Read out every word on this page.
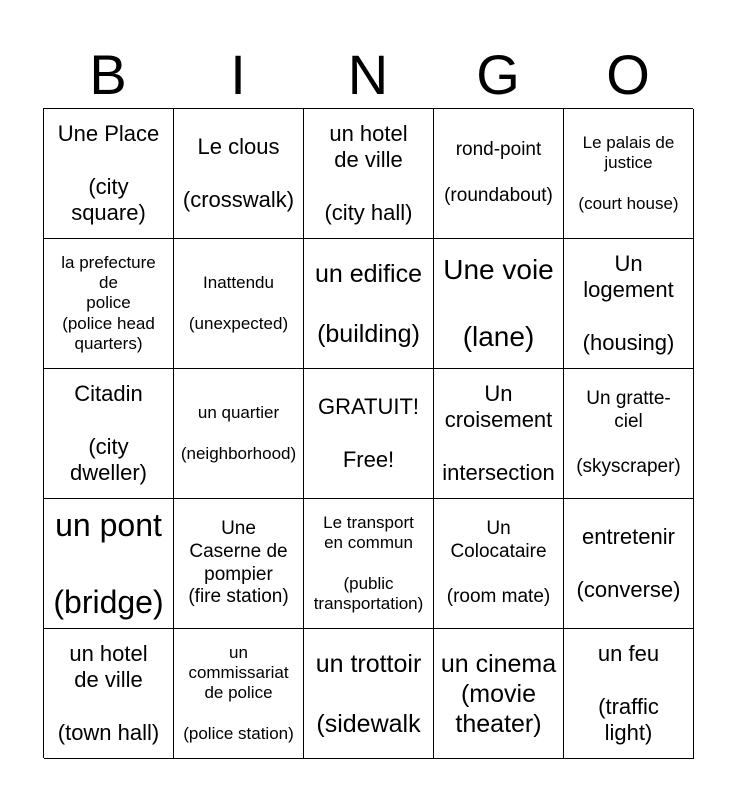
B	I	N	G	O
Une Place

(city
square)
Le clous

(crosswalk)
un hotel
de ville

(city hall)
rond-point

(roundabout)
Le palais de
justice

(court house)
la prefecture
de
police
(police head
quarters)
Inattendu

(unexpected)
un edifice

(building)
Une voie

(lane)
Un
logement

(housing)
Citadin

(city
dweller)
un quartier

(neighborhood)
GRATUIT!

Free!
Un
croisement

intersection
Un gratte-
ciel

(skyscraper)
un pont

(bridge)
Une
Caserne de
pompier
(fire station)
Le transport
en commun

(public
transportation)
Un
Colocataire

(room mate)
entretenir

(converse)
un hotel
de ville

(town hall)
un
commissariat
de police

(police station)
un trottoir

(sidewalk
un cinema
(movie
theater)
un feu

(traffic
light)
